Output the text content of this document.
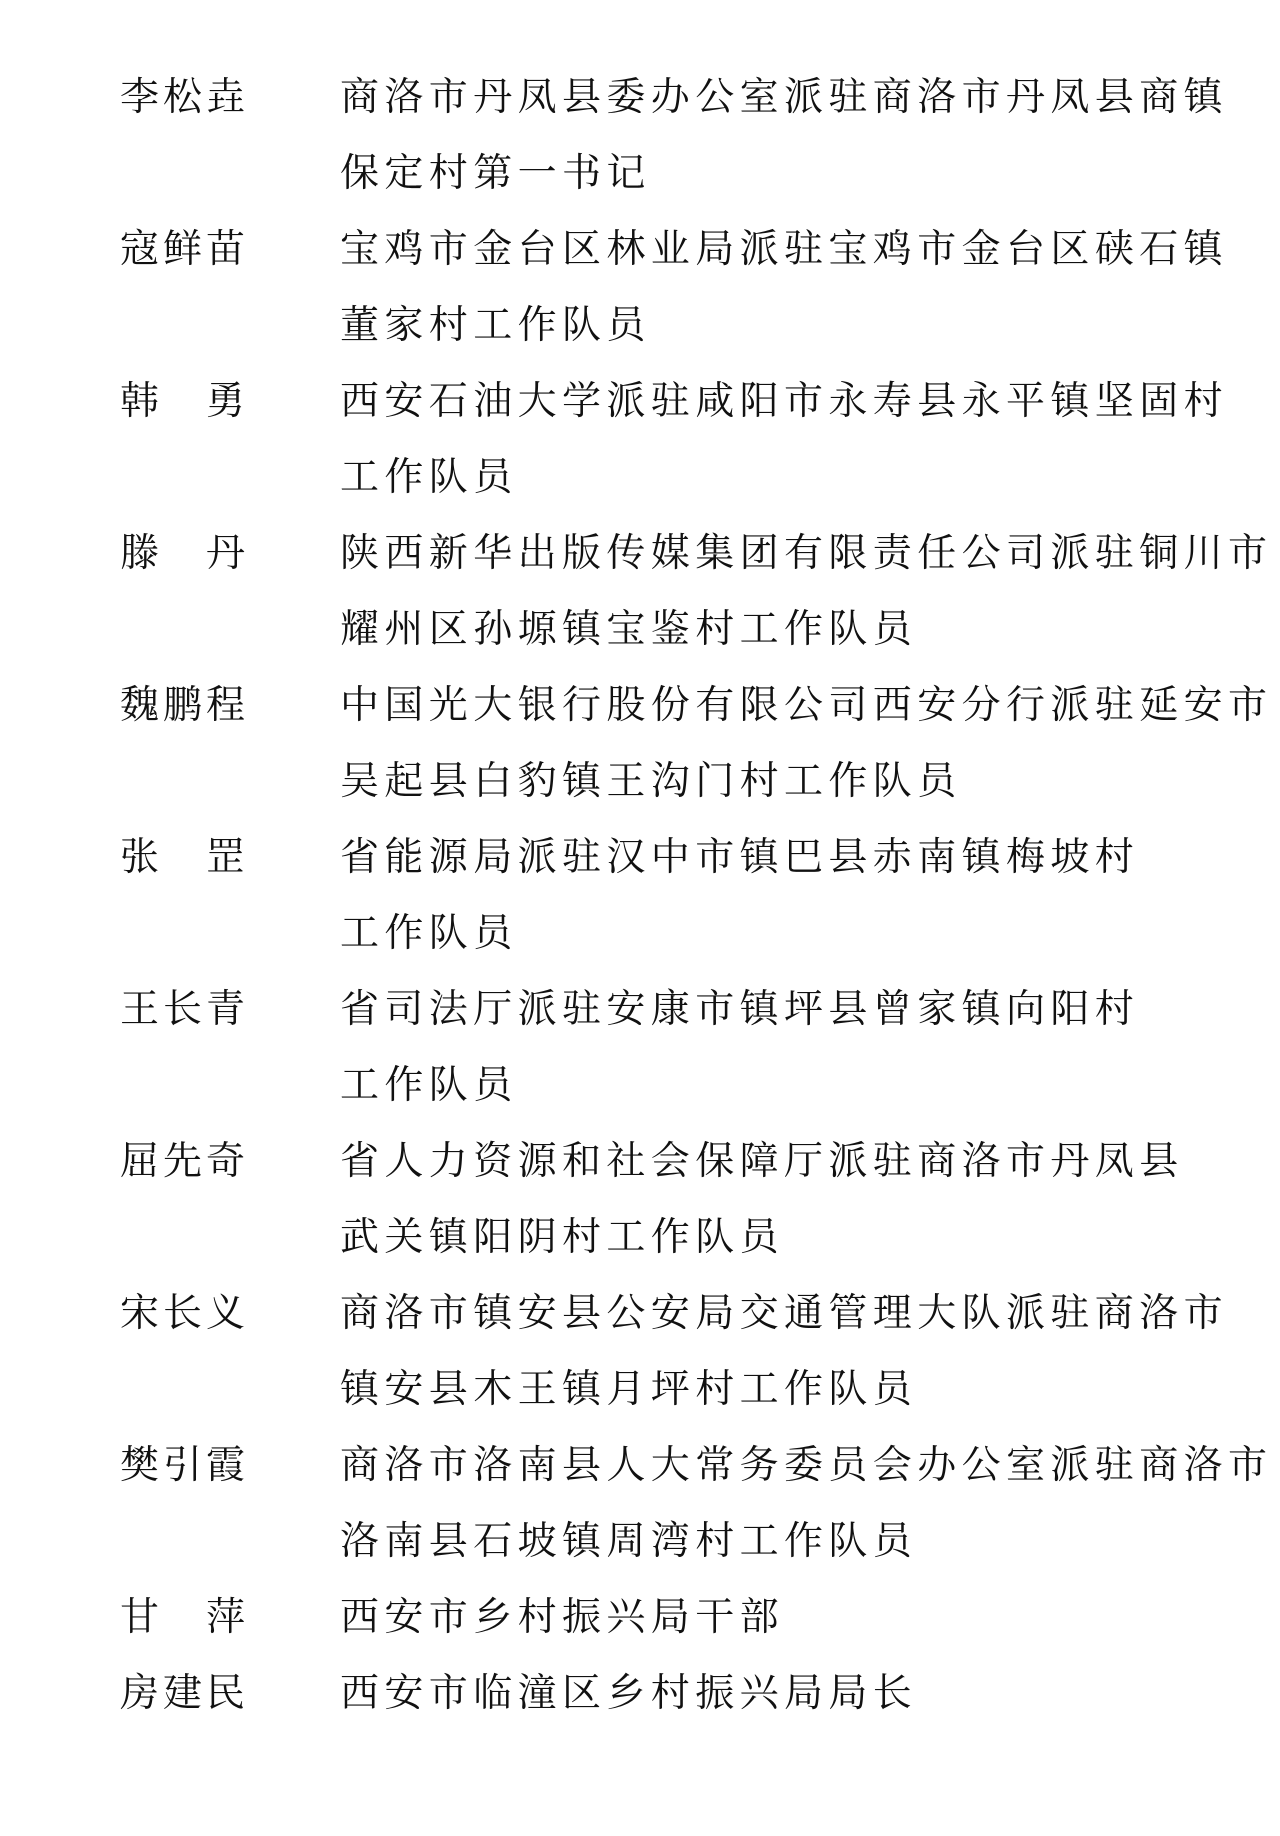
李松垚 商洛市丹凤县委办公室派驻商洛市丹凤县商镇
保定村第一书记
寇鲜苗 宝鸡市金台区林业局派驻宝鸡市金台区硖石镇
董家村工作队员
韩　勇 西安石油大学派驻咸阳市永寿县永平镇坚固村
工作队员
滕　丹 陕西新华出版传媒集团有限责任公司派驻铜川市
耀州区孙塬镇宝鉴村工作队员
魏鹏程 中国光大银行股份有限公司西安分行派驻延安市
吴起县白豹镇王沟门村工作队员
张　罡 省能源局派驻汉中市镇巴县赤南镇梅坡村
工作队员
王长青 省司法厅派驻安康市镇坪县曾家镇向阳村
工作队员
屈先奇 省人力资源和社会保障厅派驻商洛市丹凤县
武关镇阳阴村工作队员
宋长义 商洛市镇安县公安局交通管理大队派驻商洛市
镇安县木王镇月坪村工作队员
樊引霞 商洛市洛南县人大常务委员会办公室派驻商洛市
洛南县石坡镇周湾村工作队员
甘　萍 西安市乡村振兴局干部
房建民 西安市临潼区乡村振兴局局长
